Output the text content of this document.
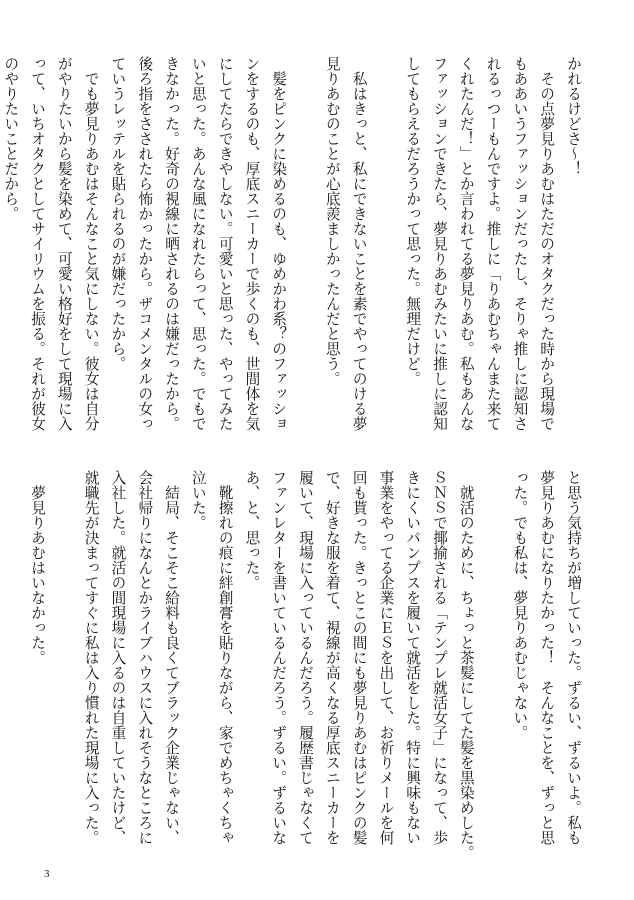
かれるけどさ〜！
　その点夢見りあむはただのオタクだった時から現場で
もああいうファッションだったし、そりゃ推しに認知さ
れるっつーもんですよ。推しに「りあむちゃんまた来て
くれたんだ！」とか言われてる夢見りあむ。私もあんな
ファッションできたら、夢見りあむみたいに推しに認知
してもらえるだろうかって思った。無理だけど。

　私はきっと、私にできないことを素でやってのける夢
見りあむのことが心底羨ましかったんだと思う。

　髪をピンクに染めるのも、ゆめかわ系？のファッショ
ンをするのも、厚底スニーカーで歩くのも、世間体を気
にしてたらできやしない。可愛いと思った、やってみた
いと思った。あんな風になれたらって、思った。でもで
きなかった。好奇の視線に晒されるのは嫌だったから。
後ろ指をさされたら怖かったから。ザコメンタルの女っ
ていうレッテルを貼られるのが嫌だったから。
　でも夢見りあむはそんなこと気にしない。彼女は自分
がやりたいから髪を染めて、可愛い格好をして現場に入
って、いちオタクとしてサイリウムを振る。それが彼女
のやりたいことだから。
と思う気持ちが増していった。ずるい、ずるいよ。私も
夢見りあむになりたかった！　そんなことを、ずっと思
った。でも私は、夢見りあむじゃない。

　就活のために、ちょっと茶髪にしてた髪を黒染めした。
ＳＮＳで揶揄される「テンプレ就活女子」になって、歩
きにくいパンプスを履いて就活をした。特に興味もない
事業をやってる企業にＥＳを出して、お祈りメールを何
回も貰った。きっとこの間にも夢見りあむはピンクの髪
で、好きな服を着て、視線が高くなる厚底スニーカーを
履いて、現場に入っているんだろう。履歴書じゃなくて
ファンレターを書いているんだろう。ずるい。ずるいな
あ、と、思った。
　靴擦れの痕に絆創膏を貼りながら、家でめちゃくちゃ
泣いた。
　結局、そこそこ給料も良くてブラック企業じゃない、
会社帰りになんとかライブハウスに入れそうなところに
入社した。就活の間現場に入るのは自重していたけど、
就職先が決まってすぐに私は入り慣れた現場に入った。

　夢見りあむはいなかった。

3
